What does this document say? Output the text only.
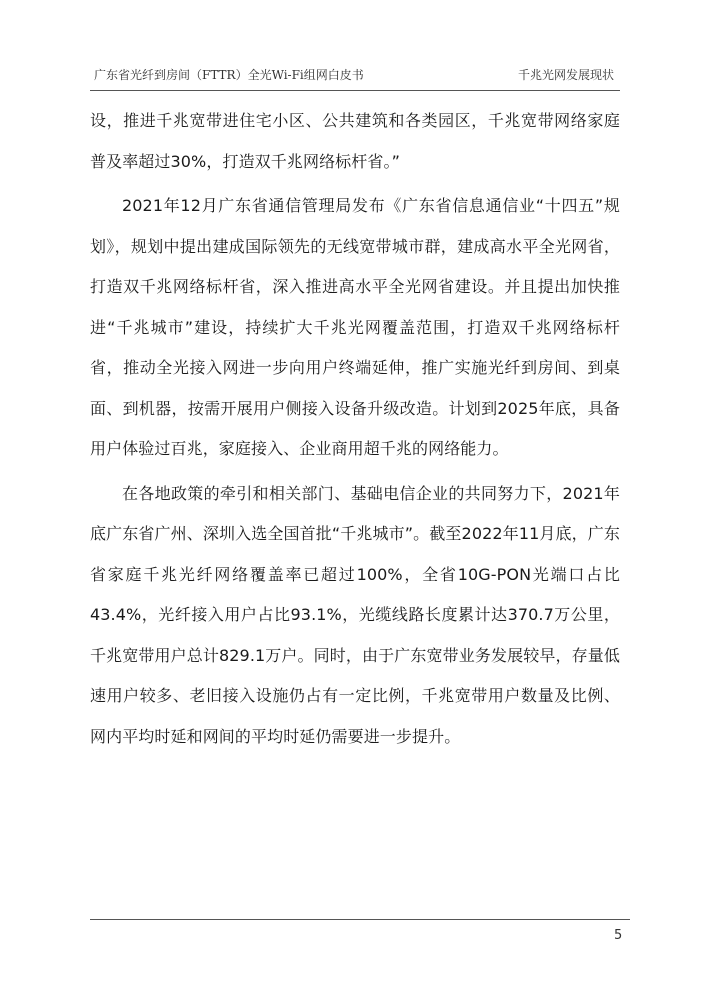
广东省光纤到房间（FTTR）全光Wi-Fi组网白皮书	千兆光网发展现状

设，推进千兆宽带进住宅小区、公共建筑和各类园区，千兆宽带网络家庭普及率超过30%，打造双千兆网络标杆省。”

2021年12月广东省通信管理局发布《广东省信息通信业“十四五”规划》，规划中提出建成国际领先的无线宽带城市群，建成高水平全光网省，打造双千兆网络标杆省，深入推进高水平全光网省建设。并且提出加快推进“千兆城市”建设，持续扩大千兆光网覆盖范围，打造双千兆网络标杆省，推动全光接入网进一步向用户终端延伸，推广实施光纤到房间、到桌面、到机器，按需开展用户侧接入设备升级改造。计划到2025年底，具备用户体验过百兆，家庭接入、企业商用超千兆的网络能力。

在各地政策的牵引和相关部门、基础电信企业的共同努力下，2021年底广东省广州、深圳入选全国首批“千兆城市”。截至2022年11月底，广东省家庭千兆光纤网络覆盖率已超过100%，全省10G-PON光端口占比43.4%，光纤接入用户占比93.1%，光缆线路长度累计达370.7万公里，千兆宽带用户总计829.1万户。同时，由于广东宽带业务发展较早，存量低速用户较多、老旧接入设施仍占有一定比例，千兆宽带用户数量及比例、网内平均时延和网间的平均时延仍需要进一步提升。

5
